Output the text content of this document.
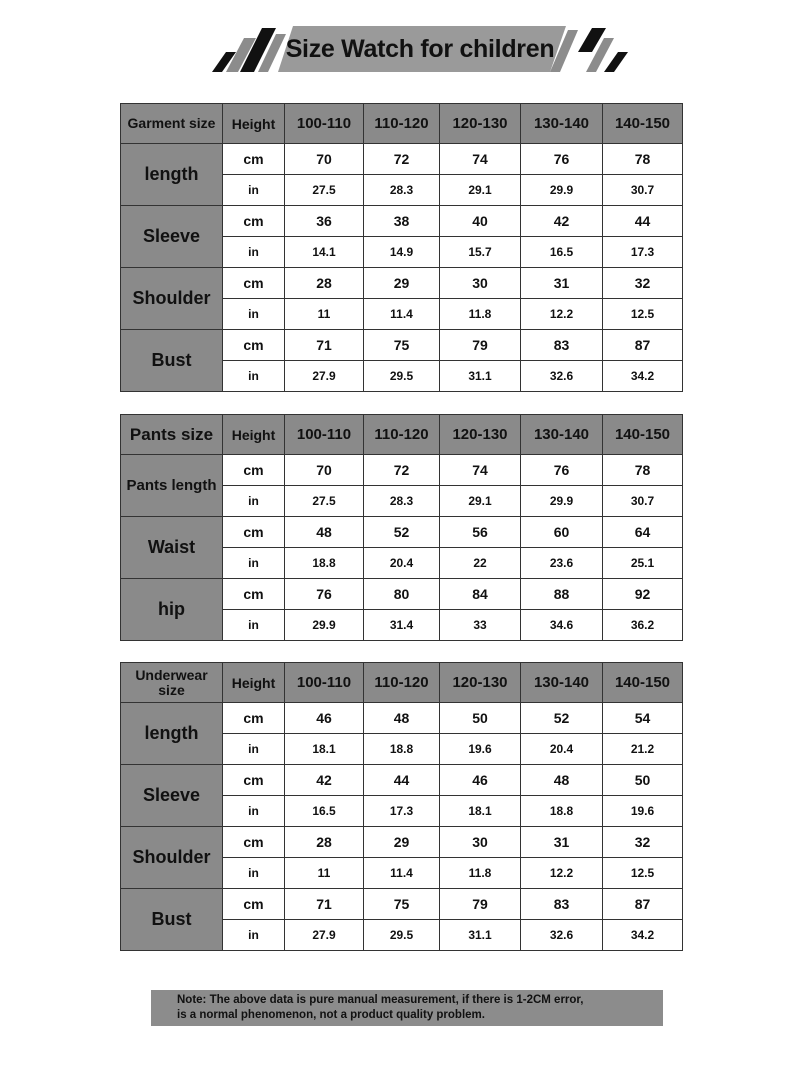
Size Watch for children
Garment size	Height	100-110	110-120	120-130	130-140	140-150
length	cm	70	72	74	76	78
	in	27.5	28.3	29.1	29.9	30.7
Sleeve	cm	36	38	40	42	44
	in	14.1	14.9	15.7	16.5	17.3
Shoulder	cm	28	29	30	31	32
	in	11	11.4	11.8	12.2	12.5
Bust	cm	71	75	79	83	87
	in	27.9	29.5	31.1	32.6	34.2
Pants size	Height	100-110	110-120	120-130	130-140	140-150
Pants length	cm	70	72	74	76	78
	in	27.5	28.3	29.1	29.9	30.7
Waist	cm	48	52	56	60	64
	in	18.8	20.4	22	23.6	25.1
hip	cm	76	80	84	88	92
	in	29.9	31.4	33	34.6	36.2
Underwear size	Height	100-110	110-120	120-130	130-140	140-150
length	cm	46	48	50	52	54
	in	18.1	18.8	19.6	20.4	21.2
Sleeve	cm	42	44	46	48	50
	in	16.5	17.3	18.1	18.8	19.6
Shoulder	cm	28	29	30	31	32
	in	11	11.4	11.8	12.2	12.5
Bust	cm	71	75	79	83	87
	in	27.9	29.5	31.1	32.6	34.2
Note: The above data is pure manual measurement, if there is 1-2CM error,
is a normal phenomenon, not a product quality problem.
